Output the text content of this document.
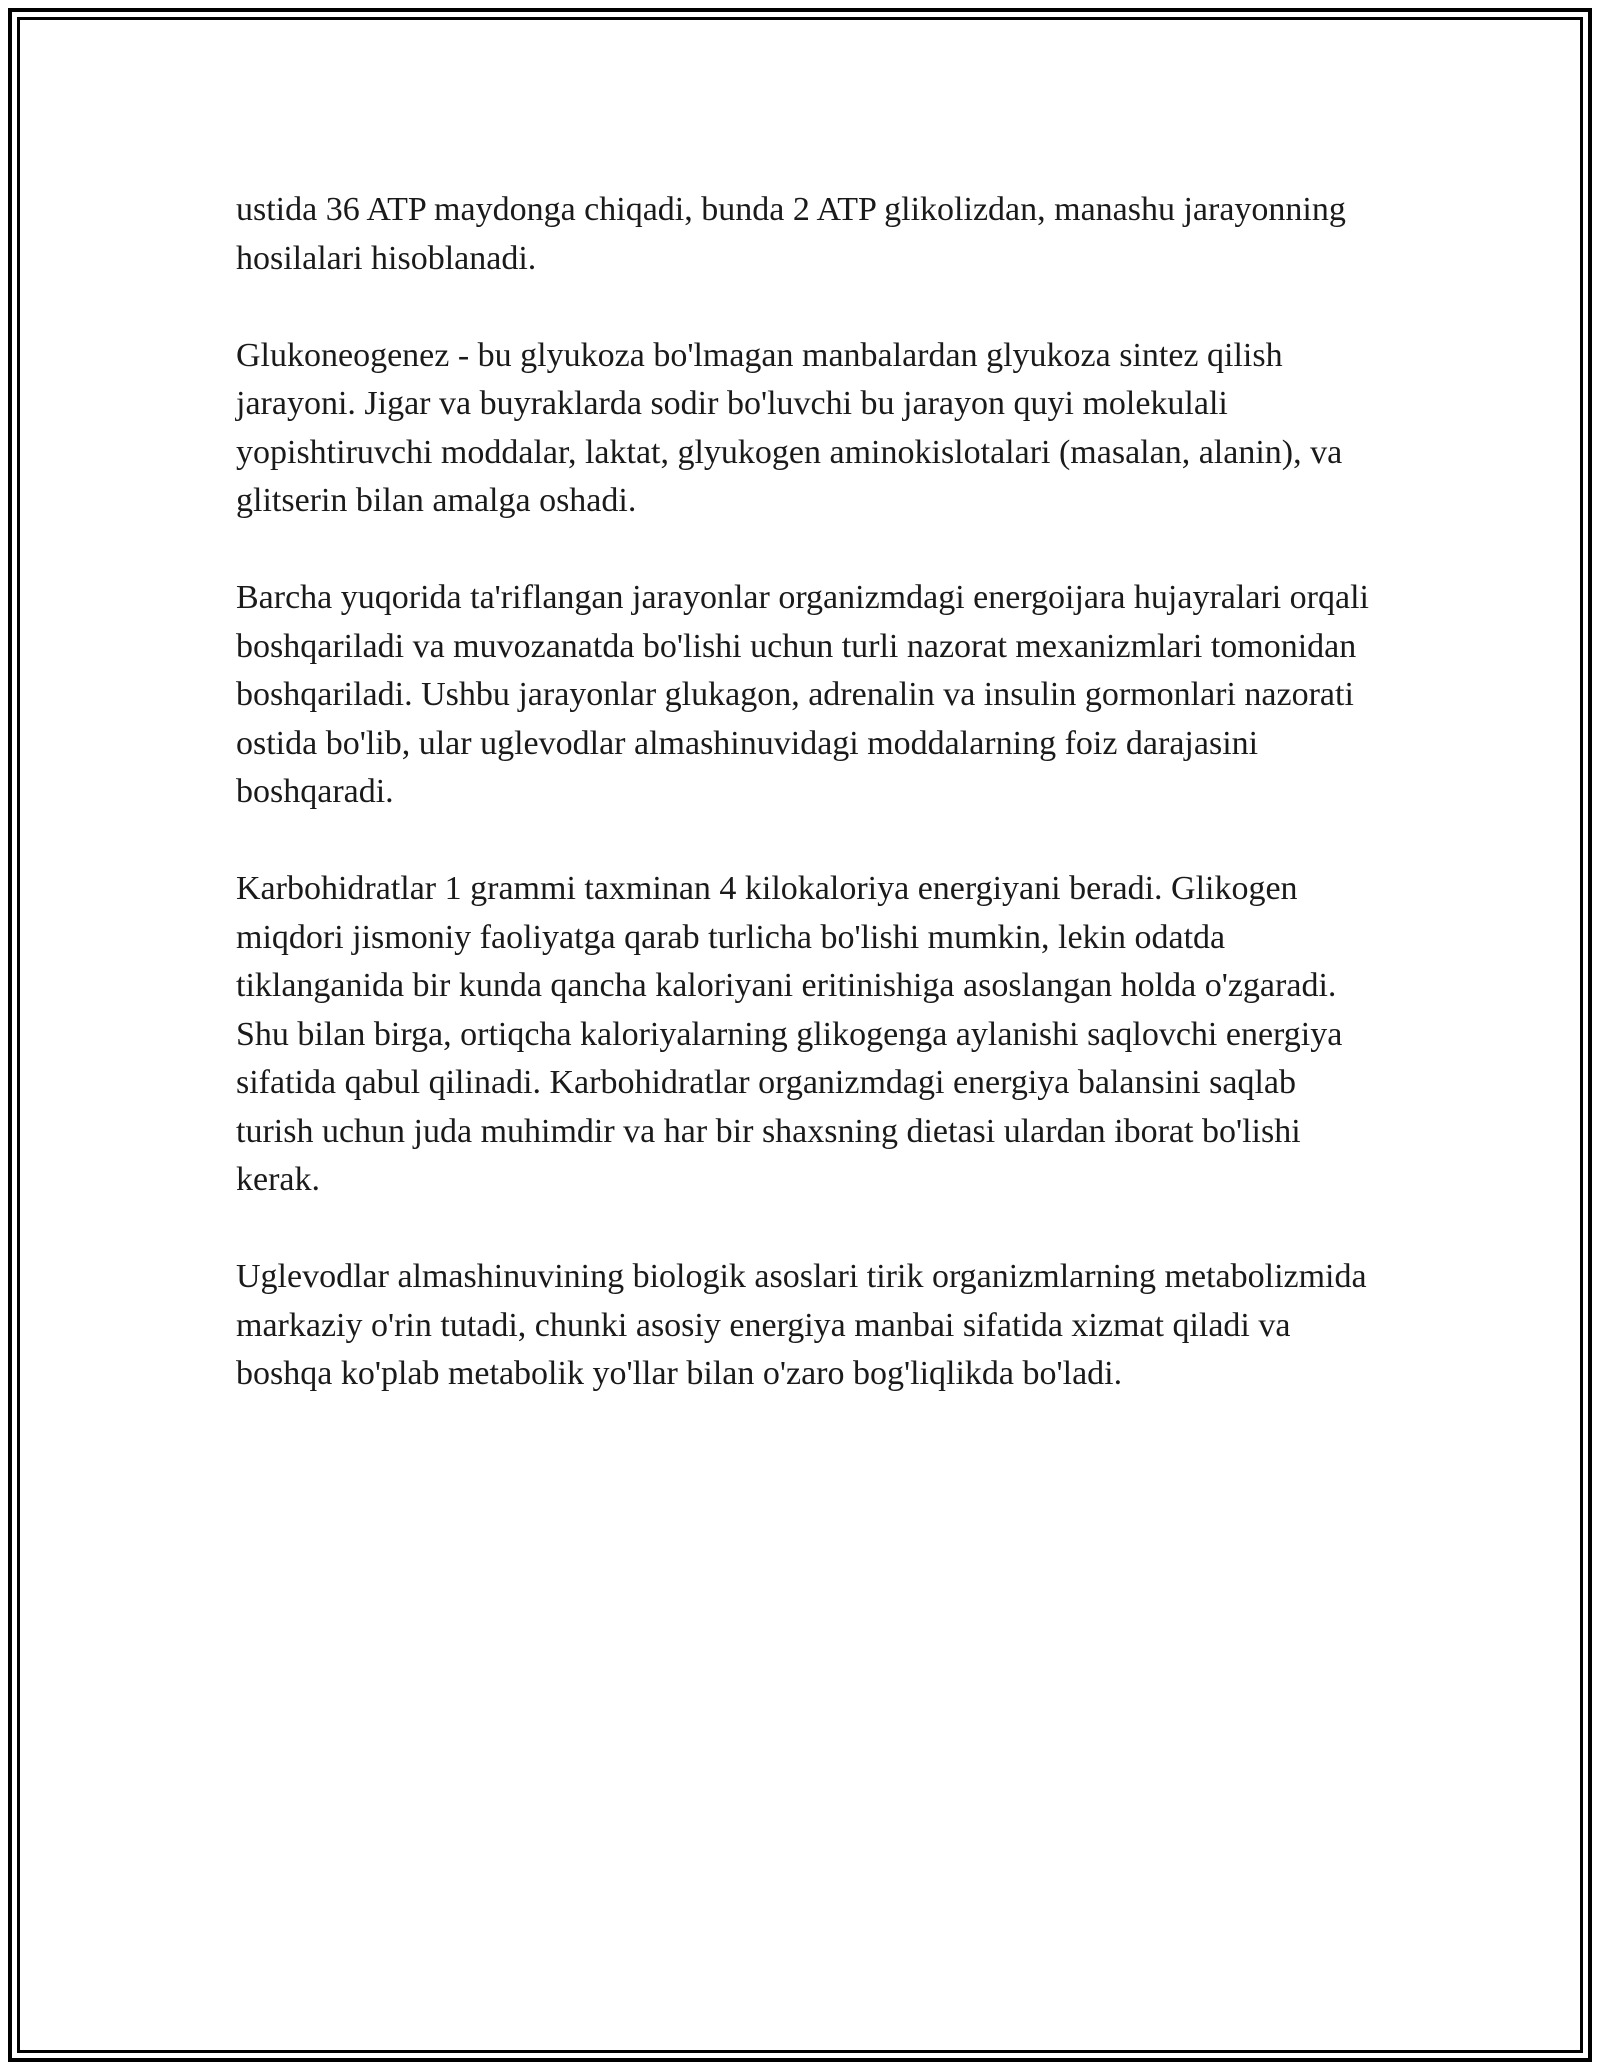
ustida 36 ATP maydonga chiqadi, bunda 2 ATP glikolizdan, manashu jarayonning hosilalari hisoblanadi.

Glukoneogenez - bu glyukoza bo'lmagan manbalardan glyukoza sintez qilish jarayoni. Jigar va buyraklarda sodir bo'luvchi bu jarayon quyi molekulali yopishtiruvchi moddalar, laktat, glyukogen aminokislotalari (masalan, alanin), va glitserin bilan amalga oshadi.

Barcha yuqorida ta'riflangan jarayonlar organizmdagi energoijara hujayralari orqali boshqariladi va muvozanatda bo'lishi uchun turli nazorat mexanizmlari tomonidan boshqariladi. Ushbu jarayonlar glukagon, adrenalin va insulin gormonlari nazorati ostida bo'lib, ular uglevodlar almashinuvidagi moddalarning foiz darajasini boshqaradi.

Karbohidratlar 1 grammi taxminan 4 kilokaloriya energiyani beradi. Glikogen miqdori jismoniy faoliyatga qarab turlicha bo'lishi mumkin, lekin odatda tiklanganida bir kunda qancha kaloriyani eritinishiga asoslangan holda o'zgaradi. Shu bilan birga, ortiqcha kaloriyalarning glikogenga aylanishi saqlovchi energiya sifatida qabul qilinadi. Karbohidratlar organizmdagi energiya balansini saqlab turish uchun juda muhimdir va har bir shaxsning dietasi ulardan iborat bo'lishi kerak.

Uglevodlar almashinuvining biologik asoslari tirik organizmlarning metabolizmida markaziy o'rin tutadi, chunki asosiy energiya manbai sifatida xizmat qiladi va boshqa ko'plab metabolik yo'llar bilan o'zaro bog'liqlikda bo'ladi.
